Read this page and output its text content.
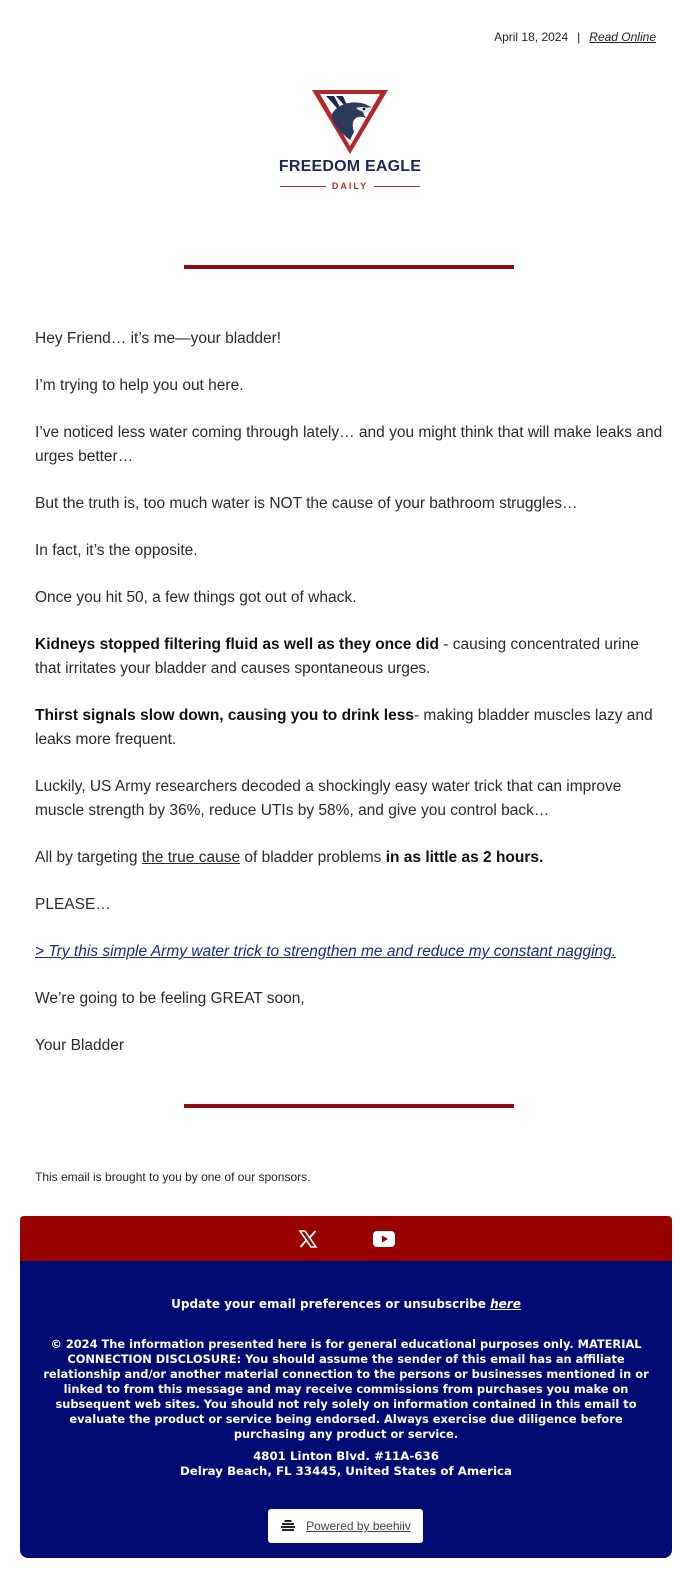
April 18, 2024 | Read Online
FREEDOM EAGLE
DAILY

Hey Friend… it’s me—your bladder!

I’m trying to help you out here.

I’ve noticed less water coming through lately… and you might think that will make leaks and urges better…

But the truth is, too much water is NOT the cause of your bathroom struggles…

In fact, it’s the opposite.

Once you hit 50, a few things got out of whack.

Kidneys stopped filtering fluid as well as they once did - causing concentrated urine that irritates your bladder and causes spontaneous urges.

Thirst signals slow down, causing you to drink less- making bladder muscles lazy and leaks more frequent.

Luckily, US Army researchers decoded a shockingly easy water trick that can improve muscle strength by 36%, reduce UTIs by 58%, and give you control back…

All by targeting the true cause of bladder problems in as little as 2 hours.

PLEASE…

> Try this simple Army water trick to strengthen me and reduce my constant nagging.

We’re going to be feeling GREAT soon,

Your Bladder

This email is brought to you by one of our sponsors.
Update your email preferences or unsubscribe here
© 2024 The information presented here is for general educational purposes only. MATERIAL CONNECTION DISCLOSURE: You should assume the sender of this email has an affiliate relationship and/or another material connection to the persons or businesses mentioned in or linked to from this message and may receive commissions from purchases you make on subsequent web sites. You should not rely solely on information contained in this email to evaluate the product or service being endorsed. Always exercise due diligence before purchasing any product or service.
4801 Linton Blvd. #11A-636
Delray Beach, FL 33445, United States of America
Powered by beehiiv
